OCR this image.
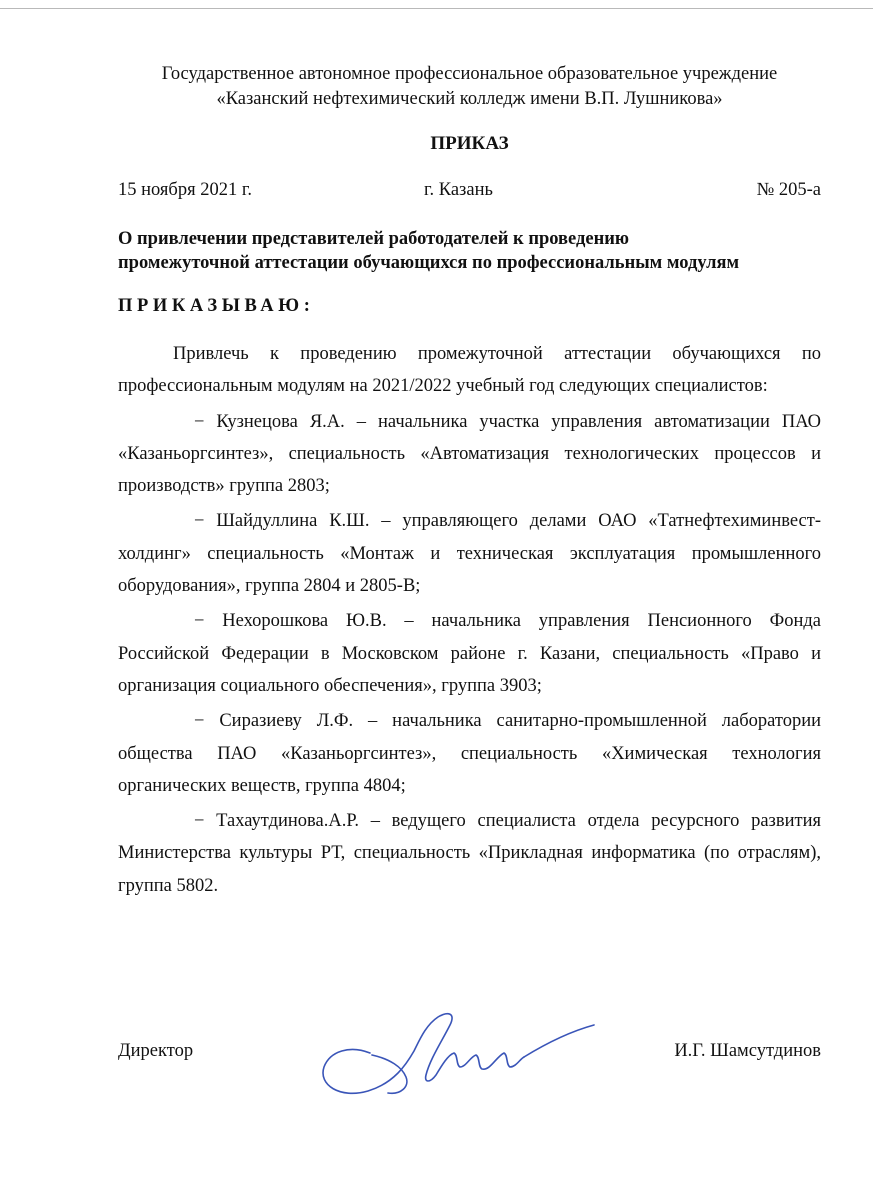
Государственное автономное профессиональное образовательное учреждение
«Казанский нефтехимический колледж имени В.П. Лушникова»
ПРИКАЗ
15 ноября 2021 г.	г. Казань	№ 205-а
О привлечении представителей работодателей к проведению
промежуточной аттестации обучающихся по профессиональным модулям
ПРИКАЗЫВАЮ:

Привлечь к проведению промежуточной аттестации обучающихся по профессиональным модулям на 2021/2022 учебный год следующих специалистов:

− Кузнецова Я.А. – начальника участка управления автоматизации ПАО «Казаньоргсинтез», специальность «Автоматизация технологических процессов и производств» группа 2803;

− Шайдуллина К.Ш. – управляющего делами ОАО «Татнефтехиминвест-холдинг» специальность «Монтаж и техническая эксплуатация промышленного оборудования», группа 2804 и 2805-В;

− Нехорошкова Ю.В. – начальника управления Пенсионного Фонда Российской Федерации в Московском районе г. Казани, специальность «Право и организация социального обеспечения», группа 3903;

− Сиразиеву Л.Ф. – начальника санитарно-промышленной лаборатории общества ПАО «Казаньоргсинтез», специальность «Химическая технология органических веществ, группа 4804;

− Тахаутдинова.А.Р. – ведущего специалиста отдела ресурсного развития Министерства культуры РТ, специальность «Прикладная информатика (по отраслям), группа 5802.

Директор	И.Г. Шамсутдинов
